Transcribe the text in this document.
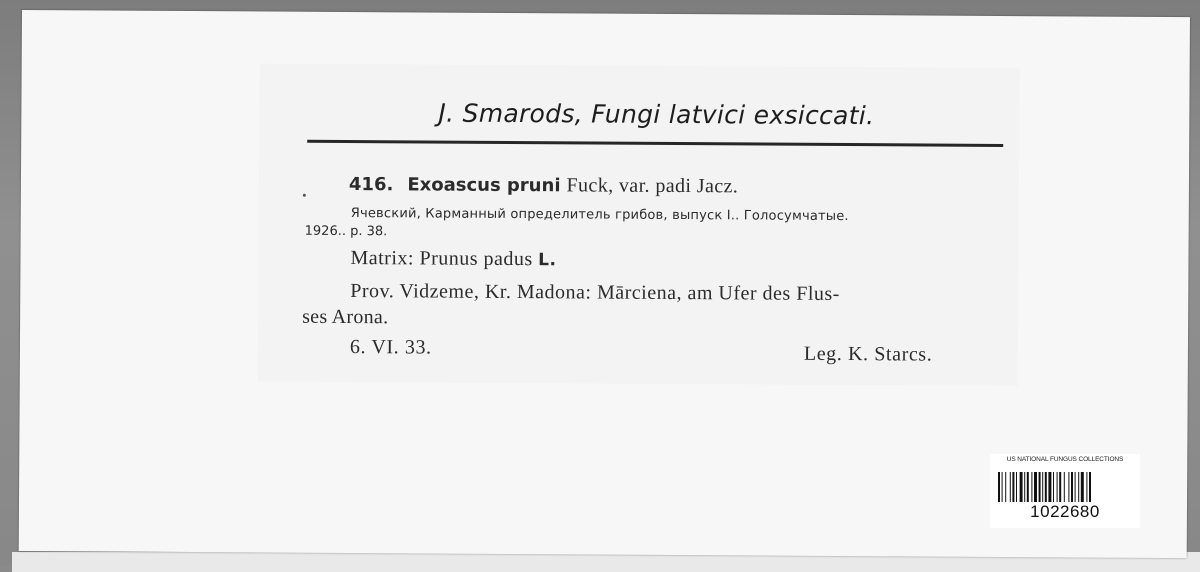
J. Smarods, Fungi latvici exsiccati.
416. Exoascus pruni Fuck, var. padi Jacz.
Ячевский, Карманный определитель грибов, выпуск I.. Голосумчатые.
1926.. p. 38.
Matrix: Prunus padus L.
Prov. Vidzeme, Kr. Madona: Mārciena, am Ufer des Flus-
ses Arona.
6. VI. 33.	Leg. K. Starcs.
US NATIONAL FUNGUS COLLECTIONS
1022680
